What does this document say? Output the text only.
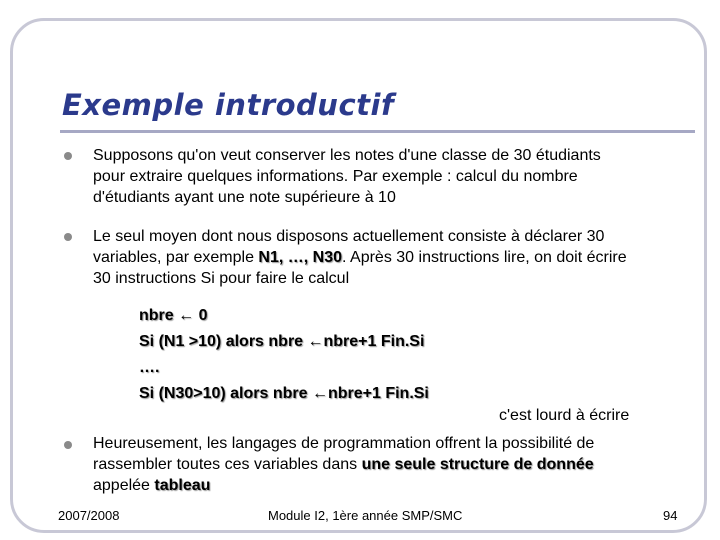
Exemple introductif

Supposons qu'on veut conserver les notes d'une classe de 30 étudiants

pour extraire quelques informations. Par exemple : calcul du nombre

d'étudiants ayant une note supérieure à 10

Le seul moyen dont nous disposons actuellement consiste à déclarer 30

variables, par exemple N1, …, N30. Après 30 instructions lire, on doit écrire

30 instructions Si pour faire le calcul

nbre ← 0
Si (N1 >10) alors nbre ←nbre+1 Fin.Si
….
Si (N30>10) alors nbre ←nbre+1 Fin.Si
c'est lourd à écrire

Heureusement, les langages de programmation offrent la possibilité de

rassembler toutes ces variables dans une seule structure de donnée

appelée tableau

2007/2008	Module I2, 1ère année SMP/SMC	94
